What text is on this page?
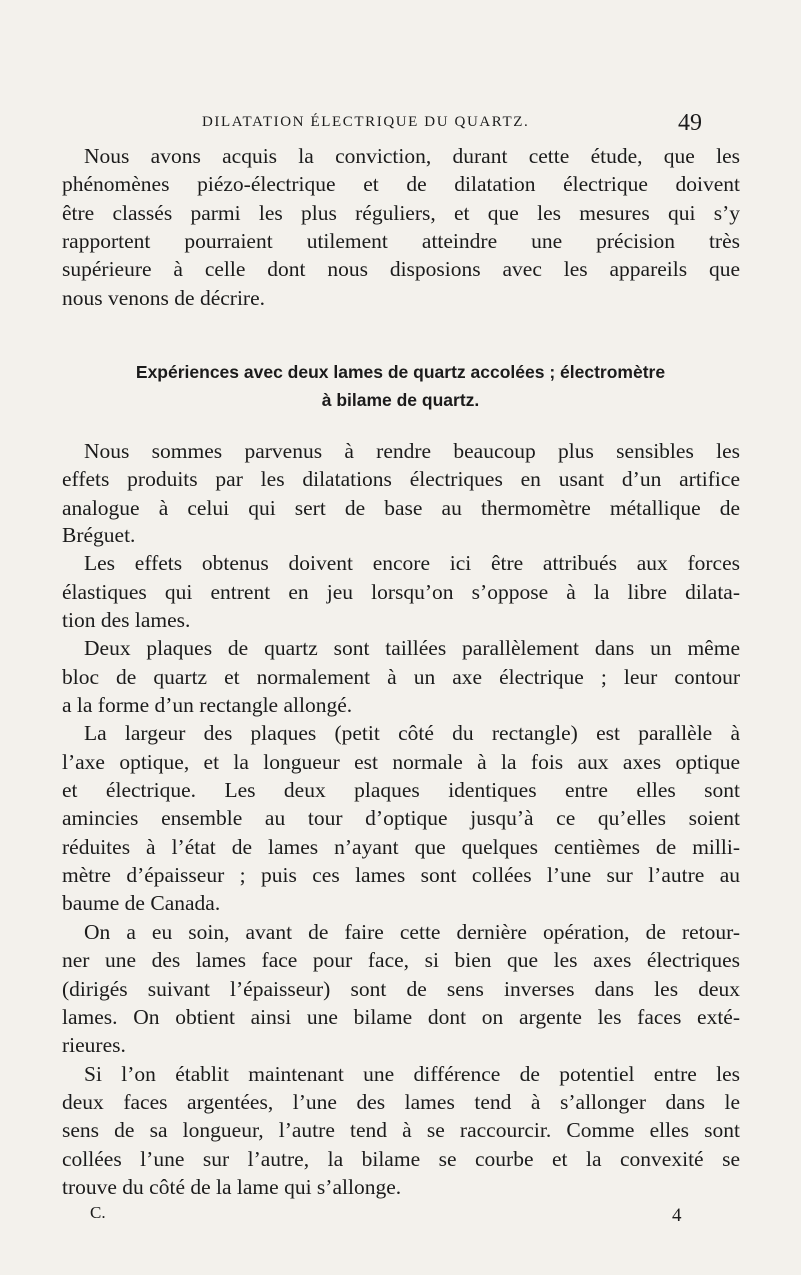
DILATATION ÉLECTRIQUE DU QUARTZ.	49
Nous avons acquis la conviction, durant cette étude, que les
phénomènes piézo-électrique et de dilatation électrique doivent
être classés parmi les plus réguliers, et que les mesures qui s’y
rapportent pourraient utilement atteindre une précision très
supérieure à celle dont nous disposions avec les appareils que
nous venons de décrire.
Expériences avec deux lames de quartz accolées ; électromètre
à bilame de quartz.
Nous sommes parvenus à rendre beaucoup plus sensibles les
effets produits par les dilatations électriques en usant d’un artifice
analogue à celui qui sert de base au thermomètre métallique de
Bréguet.
Les effets obtenus doivent encore ici être attribués aux forces
élastiques qui entrent en jeu lorsqu’on s’oppose à la libre dilata-
tion des lames.
Deux plaques de quartz sont taillées parallèlement dans un même
bloc de quartz et normalement à un axe électrique ; leur contour
a la forme d’un rectangle allongé.
La largeur des plaques (petit côté du rectangle) est parallèle à
l’axe optique, et la longueur est normale à la fois aux axes optique
et électrique. Les deux plaques identiques entre elles sont
amincies ensemble au tour d’optique jusqu’à ce qu’elles soient
réduites à l’état de lames n’ayant que quelques centièmes de milli-
mètre d’épaisseur ; puis ces lames sont collées l’une sur l’autre au
baume de Canada.
On a eu soin, avant de faire cette dernière opération, de retour-
ner une des lames face pour face, si bien que les axes électriques
(dirigés suivant l’épaisseur) sont de sens inverses dans les deux
lames. On obtient ainsi une bilame dont on argente les faces exté-
rieures.
Si l’on établit maintenant une différence de potentiel entre les
deux faces argentées, l’une des lames tend à s’allonger dans le
sens de sa longueur, l’autre tend à se raccourcir. Comme elles sont
collées l’une sur l’autre, la bilame se courbe et la convexité se
trouve du côté de la lame qui s’allonge.
C.	4
